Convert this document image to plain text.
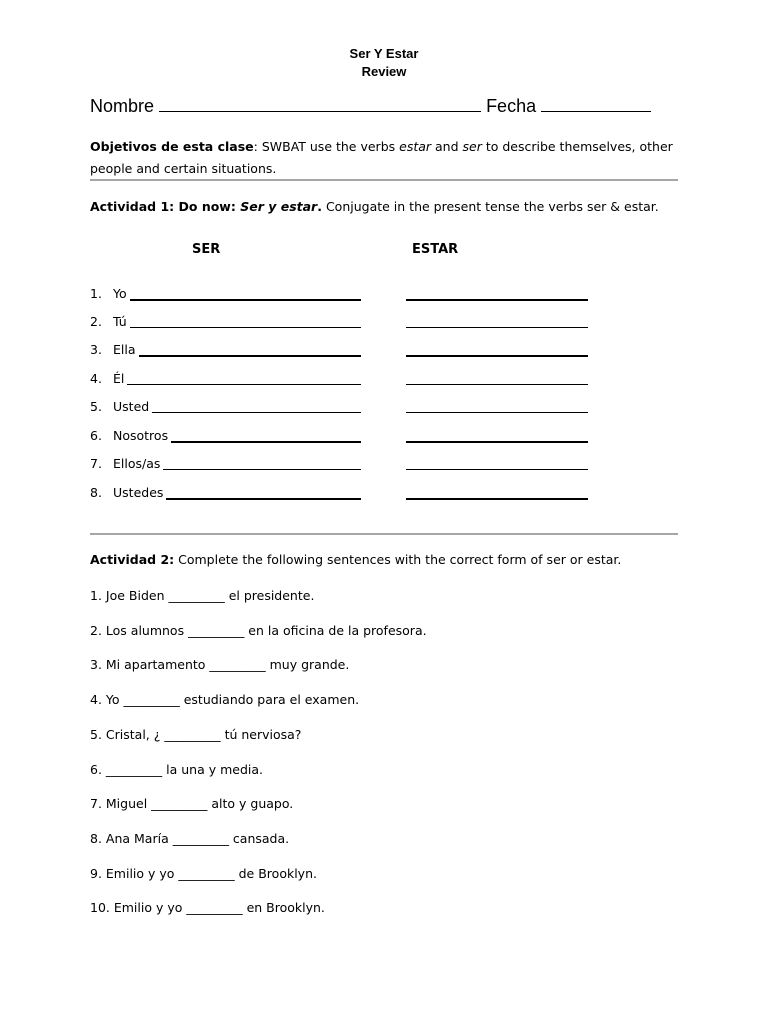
Ser Y Estar
Review
Nombre	Fecha
Objetivos de esta clase: SWBAT use the verbs estar and ser to describe themselves, other people and certain situations.
Actividad 1: Do now: Ser y estar. Conjugate in the present tense the verbs ser & estar.
SER	ESTAR
1. Yo
2. Tú
3. Ella
4. Él
5. Usted
6. Nosotros
7. Ellos/as
8. Ustedes
Actividad 2: Complete the following sentences with the correct form of ser or estar.
1. Joe Biden _________ el presidente.
2. Los alumnos _________ en la oficina de la profesora.
3. Mi apartamento _________ muy grande.
4. Yo _________ estudiando para el examen.
5. Cristal, ¿ _________ tú nerviosa?
6. _________ la una y media.
7. Miguel _________ alto y guapo.
8. Ana María _________ cansada.
9. Emilio y yo _________ de Brooklyn.
10. Emilio y yo _________ en Brooklyn.
